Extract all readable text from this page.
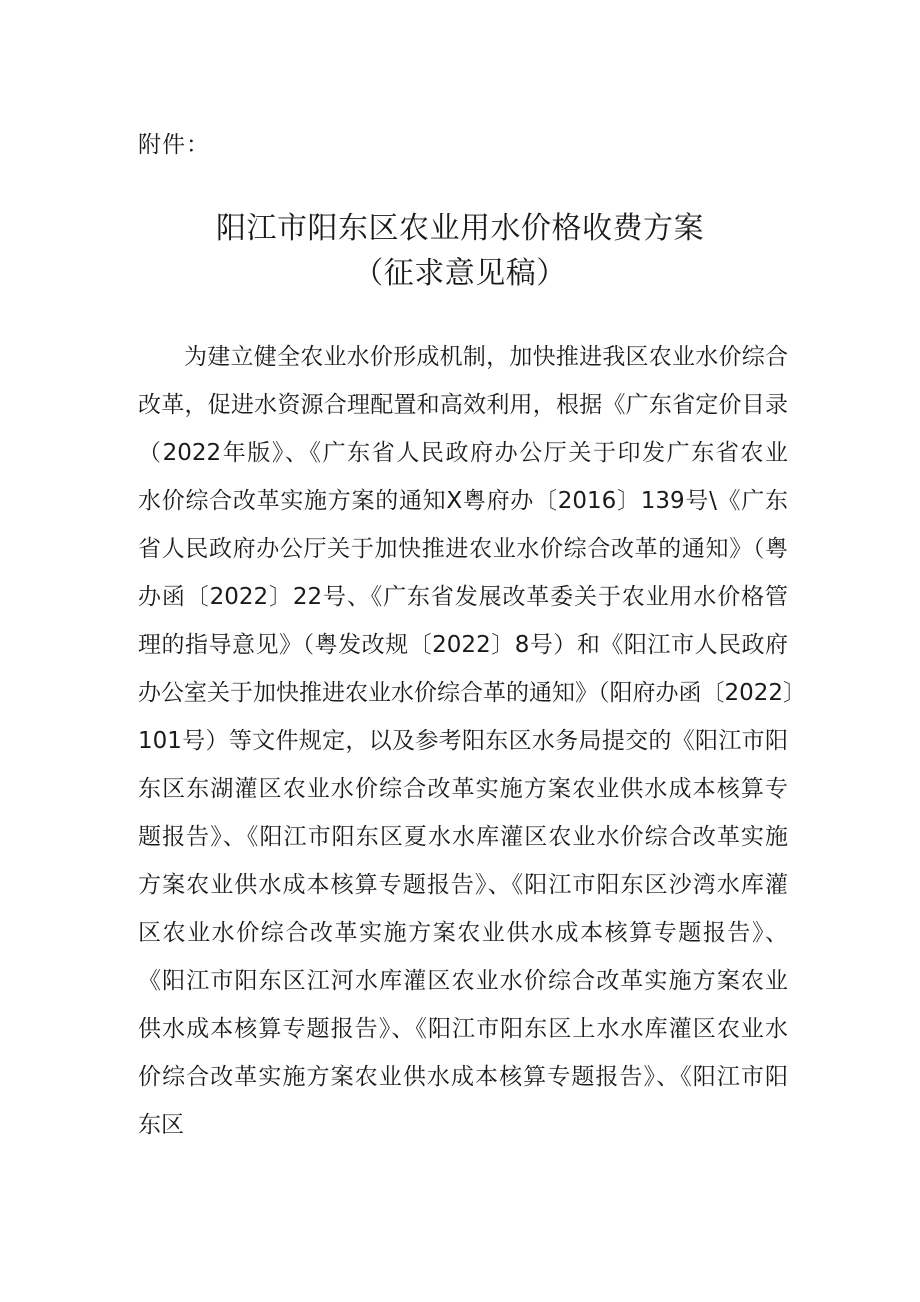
附件：
阳江市阳东区农业用水价格收费方案
（征求意见稿）
为建立健全农业水价形成机制，加快推进我区农业水价综合
改革，促进水资源合理配置和高效利用，根据《广东省定价目录
（2022年版》、《广东省人民政府办公厅关于印发广东省农业
水价综合改革实施方案的通知X粤府办〔2016〕139号\《广东
省人民政府办公厅关于加快推进农业水价综合改革的通知》（粤
办函〔2022〕22号、《广东省发展改革委关于农业用水价格管
理的指导意见》（粤发改规〔2022〕8号）和《阳江市人民政府
办公室关于加快推进农业水价综合革的通知》（阳府办函〔2022〕
101号）等文件规定，以及参考阳东区水务局提交的《阳江市阳
东区东湖灌区农业水价综合改革实施方案农业供水成本核算专
题报告》、《阳江市阳东区夏水水库灌区农业水价综合改革实施
方案农业供水成本核算专题报告》、《阳江市阳东区沙湾水库灌
区农业水价综合改革实施方案农业供水成本核算专题报告》、
《阳江市阳东区江河水库灌区农业水价综合改革实施方案农业
供水成本核算专题报告》、《阳江市阳东区上水水库灌区农业水
价综合改革实施方案农业供水成本核算专题报告》、《阳江市阳
东区
